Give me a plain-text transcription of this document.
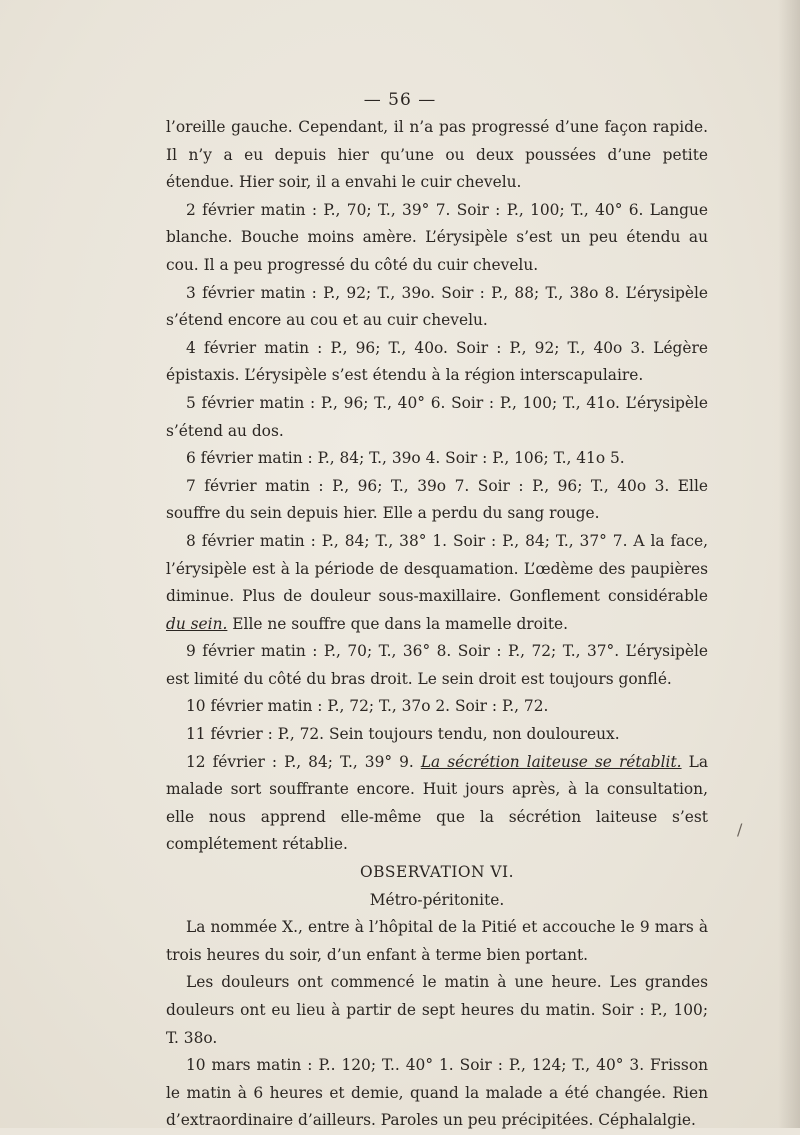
— 56 —

l’oreille gauche. Cependant, il n’a pas progressé d’une façon rapide. Il n’y a eu depuis hier qu’une ou deux poussées d’une petite étendue. Hier soir, il a envahi le cuir chevelu.

2 février matin : P., 70; T., 39° 7. Soir : P., 100; T., 40° 6. Langue blanche. Bouche moins amère. L’érysipèle s’est un peu étendu au cou. Il a peu progressé du côté du cuir chevelu.

3 février matin : P., 92; T., 39o. Soir : P., 88; T., 38o 8. L’érysipèle s’étend encore au cou et au cuir chevelu.

4 février matin : P., 96; T., 40o. Soir : P., 92; T., 40o 3. Légère épistaxis. L’érysipèle s’est étendu à la région interscapulaire.

5 février matin : P., 96; T., 40° 6. Soir : P., 100; T., 41o. L’érysipèle s’étend au dos.

6 février matin : P., 84; T., 39o 4. Soir : P., 106; T., 41o 5.

7 février matin : P., 96; T., 39o 7. Soir : P., 96; T., 40o 3. Elle souffre du sein depuis hier. Elle a perdu du sang rouge.

8 février matin : P., 84; T., 38° 1. Soir : P., 84; T., 37° 7. A la face, l’érysipèle est à la période de desquamation. L’œdème des paupières diminue. Plus de douleur sous-maxillaire. Gonflement considérable du sein. Elle ne souffre que dans la mamelle droite.

9 février matin : P., 70; T., 36° 8. Soir : P., 72; T., 37°. L’érysipèle est limité du côté du bras droit. Le sein droit est toujours gonflé.

10 février matin : P., 72; T., 37o 2. Soir : P., 72.

11 février : P., 72. Sein toujours tendu, non douloureux.

12 février : P., 84; T., 39° 9. La sécrétion laiteuse se rétablit. La malade sort souffrante encore. Huit jours après, à la consultation, elle nous apprend elle-même que la sécrétion laiteuse s’est complétement rétablie.

OBSERVATION VI.

Métro-péritonite.

La nommée X., entre à l’hôpital de la Pitié et accouche le 9 mars à trois heures du soir, d’un enfant à terme bien portant.

Les douleurs ont commencé le matin à une heure. Les grandes douleurs ont eu lieu à partir de sept heures du matin. Soir : P., 100; T. 38o.

10 mars matin : P.. 120; T.. 40° 1. Soir : P., 124; T., 40° 3. Frisson le matin à 6 heures et demie, quand la malade a été changée. Rien d’extraordinaire d’ailleurs. Paroles un peu précipitées. Céphalalgie.

/
